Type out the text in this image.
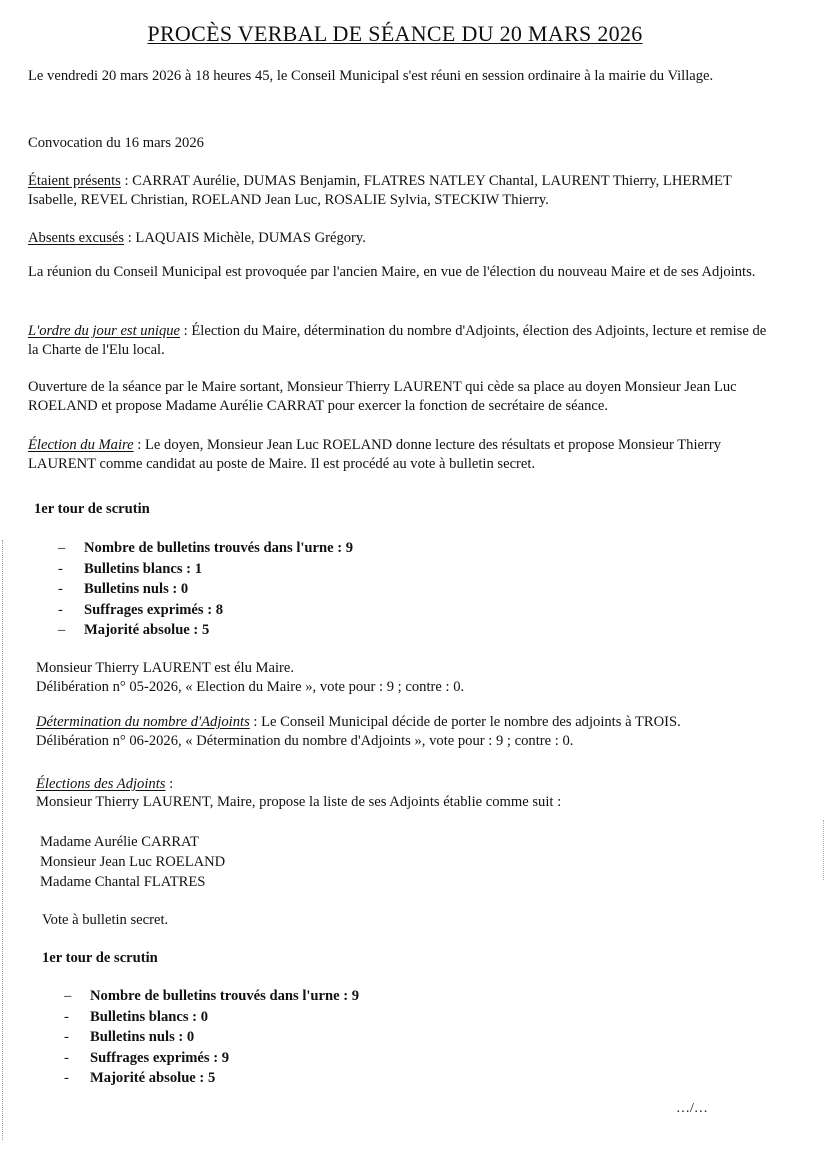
PROCÈS VERBAL DE SÉANCE DU 20 MARS 2026

Le vendredi 20 mars 2026 à 18 heures 45, le Conseil Municipal s'est réuni en session ordinaire à la mairie du Village.

Convocation du 16 mars 2026

Étaient présents : CARRAT Aurélie, DUMAS Benjamin, FLATRES NATLEY Chantal, LAURENT Thierry, LHERMET Isabelle, REVEL Christian, ROELAND Jean Luc, ROSALIE Sylvia, STECKIW Thierry.

Absents excusés : LAQUAIS Michèle, DUMAS Grégory.

La réunion du Conseil Municipal est provoquée par l'ancien Maire, en vue de l'élection du nouveau Maire et de ses Adjoints.

L'ordre du jour est unique : Élection du Maire, détermination du nombre d'Adjoints, élection des Adjoints, lecture et remise de la Charte de l'Elu local.

Ouverture de la séance par le Maire sortant, Monsieur Thierry LAURENT qui cède sa place au doyen Monsieur Jean Luc ROELAND et propose Madame Aurélie CARRAT pour exercer la fonction de secrétaire de séance.

Élection du Maire : Le doyen, Monsieur Jean Luc ROELAND donne lecture des résultats et propose Monsieur Thierry LAURENT comme candidat au poste de Maire. Il est procédé au vote à bulletin secret.

1er tour de scrutin

– Nombre de bulletins trouvés dans l'urne : 9
- Bulletins blancs : 1
- Bulletins nuls : 0
- Suffrages exprimés : 8
– Majorité absolue : 5

Monsieur Thierry LAURENT est élu Maire.

Délibération n° 05-2026, « Election du Maire », vote pour : 9 ; contre : 0.

Détermination du nombre d'Adjoints : Le Conseil Municipal décide de porter le nombre des adjoints à TROIS.

Délibération n° 06-2026, « Détermination du nombre d'Adjoints », vote pour : 9 ; contre : 0.

Élections des Adjoints :

Monsieur Thierry LAURENT, Maire, propose la liste de ses Adjoints établie comme suit :

Madame Aurélie CARRAT

Monsieur Jean Luc ROELAND

Madame Chantal FLATRES

Vote à bulletin secret.

1er tour de scrutin

– Nombre de bulletins trouvés dans l'urne : 9
- Bulletins blancs : 0
- Bulletins nuls : 0
- Suffrages exprimés : 9
- Majorité absolue : 5

…/…
